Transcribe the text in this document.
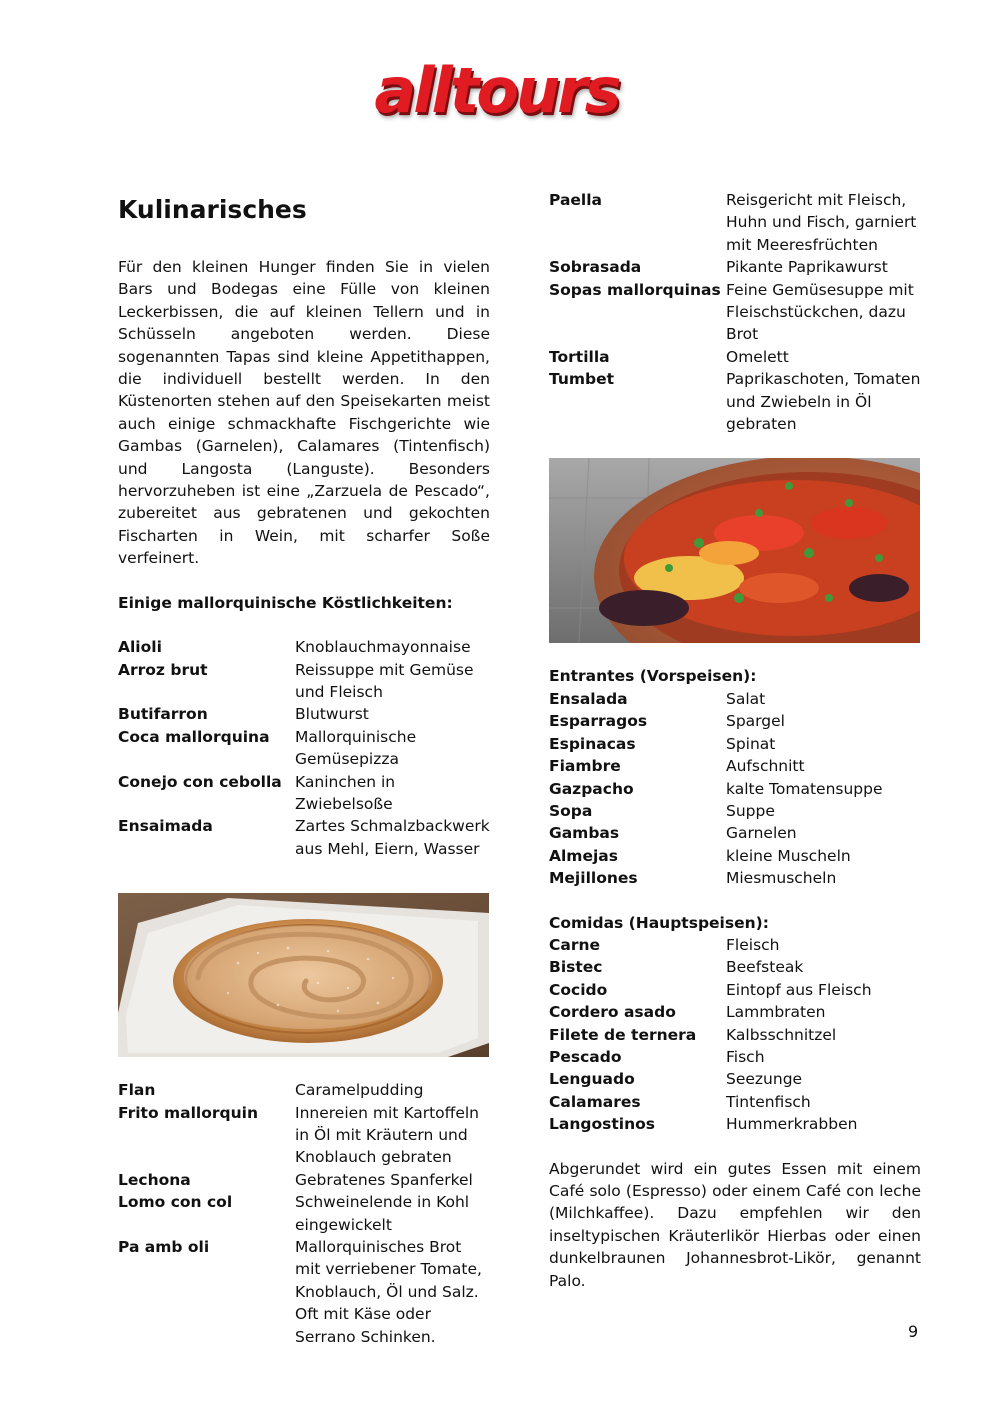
alltours
Kulinarisches

Für den kleinen Hunger finden Sie in vielen Bars und Bodegas eine Fülle von kleinen Leckerbissen, die auf kleinen Tellern und in Schüsseln angeboten werden. Diese sogenannten Tapas sind kleine Appetithappen, die individuell bestellt werden. In den Küstenorten stehen auf den Speisekarten meist auch einige schmackhafte Fischgerichte wie Gambas (Garnelen), Calamares (Tintenfisch) und Langosta (Languste). Besonders hervorzuheben ist eine „Zarzuela de Pescado“, zubereitet aus gebratenen und gekochten Fischarten in Wein, mit scharfer Soße verfeinert.

Einige mallorquinische Köstlichkeiten:
Alioli	Knoblauchmayonnaise
Arroz brut	Reissuppe mit Gemüse und Fleisch
Butifarron	Blutwurst
Coca mallorquina	Mallorquinische Gemüsepizza
Conejo con cebolla	Kaninchen in Zwiebelsoße
Ensaimada	Zartes Schmalzbackwerk aus Mehl, Eiern, Wasser
Flan	Caramelpudding
Frito mallorquin	Innereien mit Kartoffeln in Öl mit Kräutern und Knoblauch gebraten
Lechona	Gebratenes Spanferkel
Lomo con col	Schweinelende in Kohl eingewickelt
Pa amb oli	Mallorquinisches Brot mit verriebener Tomate, Knoblauch, Öl und Salz. Oft mit Käse oder Serrano Schinken.
Paella	Reisgericht mit Fleisch, Huhn und Fisch, garniert mit Meeresfrüchten
Sobrasada	Pikante Paprikawurst
Sopas mallorquinas	Feine Gemüsesuppe mit Fleischstückchen, dazu Brot
Tortilla	Omelett
Tumbet	Paprikaschoten, Tomaten und Zwiebeln in Öl gebraten
Entrantes (Vorspeisen):
Ensalada	Salat
Esparragos	Spargel
Espinacas	Spinat
Fiambre	Aufschnitt
Gazpacho	kalte Tomatensuppe
Sopa	Suppe
Gambas	Garnelen
Almejas	kleine Muscheln
Mejillones	Miesmuscheln
Comidas (Hauptspeisen):
Carne	Fleisch
Bistec	Beefsteak
Cocido	Eintopf aus Fleisch
Cordero asado	Lammbraten
Filete de ternera	Kalbsschnitzel
Pescado	Fisch
Lenguado	Seezunge
Calamares	Tintenfisch
Langostinos	Hummerkrabben

Abgerundet wird ein gutes Essen mit einem Café solo (Espresso) oder einem Café con leche (Milchkaffee). Dazu empfehlen wir den inseltypischen Kräuterlikör Hierbas oder einen dunkelbraunen Johannesbrot-Likör, genannt Palo.

9
